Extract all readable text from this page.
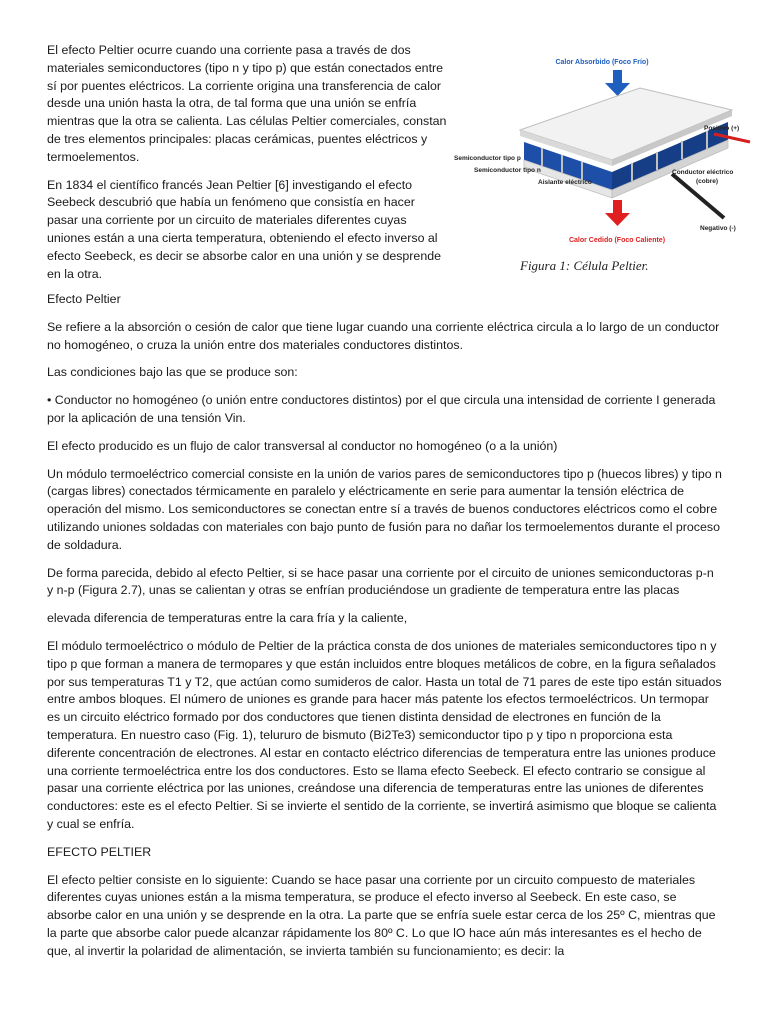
El efecto Peltier ocurre cuando una corriente pasa a través de dos materiales semiconductores (tipo n y tipo p) que están conectados entre sí por puentes eléctricos. La corriente origina una transferencia de calor desde una unión hasta la otra, de tal forma que una unión se enfría mientras que la otra se calienta. Las células Peltier comerciales, constan de tres elementos principales: placas cerámicas, puentes eléctricos y termoelementos.

En 1834 el científico francés Jean Peltier [6] investigando el efecto Seebeck descubrió que había un fenómeno que consistía en hacer pasar una corriente por un circuito de materiales diferentes cuyas uniones están a una cierta temperatura, obteniendo el efecto inverso al efecto Seebeck, es decir se absorbe calor en una unión y se desprende en la otra.

Calor Absorbido (Foco Frío)
Positivo (+)
Semiconductor tipo p
Semiconductor tipo n
Aislante eléctrico
Conductor eléctrico
(cobre)
Negativo (-)
Calor Cedido (Foco Caliente)
Figura 1: Célula Peltier.

Efecto Peltier

Se refiere a la absorción o cesión de calor que tiene lugar cuando una corriente eléctrica circula a lo largo de un conductor no homogéneo, o cruza la unión entre dos materiales conductores distintos.

Las condiciones bajo las que se produce son:

• Conductor no homogéneo (o unión entre conductores distintos) por el que circula una intensidad de corriente I generada por la aplicación de una tensión Vin.

El efecto producido es un flujo de calor transversal al conductor no homogéneo (o a la unión)

Un módulo termoeléctrico comercial consiste en la unión de varios pares de semiconductores tipo p (huecos libres) y tipo n (cargas libres) conectados térmicamente en paralelo y eléctricamente en serie para aumentar la tensión eléctrica de operación del mismo. Los semiconductores se conectan entre sí a través de buenos conductores eléctricos como el cobre utilizando uniones soldadas con materiales con bajo punto de fusión para no dañar los termoelementos durante el proceso de soldadura.

De forma parecida, debido al efecto Peltier, si se hace pasar una corriente por el circuito de uniones semiconductoras p-n y n-p (Figura 2.7), unas se calientan y otras se enfrían produciéndose un gradiente de temperatura entre las placas

elevada diferencia de temperaturas entre la cara fría y la caliente,

El módulo termoeléctrico o módulo de Peltier de la práctica consta de dos uniones de materiales semiconductores tipo n y tipo p que forman a manera de termopares y que están incluidos entre bloques metálicos de cobre, en la figura señalados por sus temperaturas T1 y T2, que actúan como sumideros de calor. Hasta un total de 71 pares de este tipo están situados entre ambos bloques. El número de uniones es grande para hacer más patente los efectos termoeléctricos. Un termopar es un circuito eléctrico formado por dos conductores que tienen distinta densidad de electrones en función de la temperatura. En nuestro caso (Fig. 1), telururo de bismuto (Bi2Te3) semiconductor tipo p y tipo n proporciona esta diferente concentración de electrones. Al estar en contacto eléctrico diferencias de temperatura entre las uniones produce una corriente termoeléctrica entre los dos conductores. Esto se llama efecto Seebeck. El efecto contrario se consigue al pasar una corriente eléctrica por las uniones, creándose una diferencia de temperaturas entre las uniones de diferentes conductores: este es el efecto Peltier. Si se invierte el sentido de la corriente, se invertirá asimismo que bloque se calienta y cual se enfría.

EFECTO PELTIER

El efecto peltier consiste en lo siguiente: Cuando se hace pasar una corriente por un circuito compuesto de materiales diferentes cuyas uniones están a la misma temperatura, se produce el efecto inverso al Seebeck. En este caso, se absorbe calor en una unión y se desprende en la otra. La parte que se enfría suele estar cerca de los 25º C, mientras que la parte que absorbe calor puede alcanzar rápidamente los 80º C. Lo que lO hace aún más interesantes es el hecho de que, al invertir la polaridad de alimentación, se invierta también su funcionamiento; es decir: la
